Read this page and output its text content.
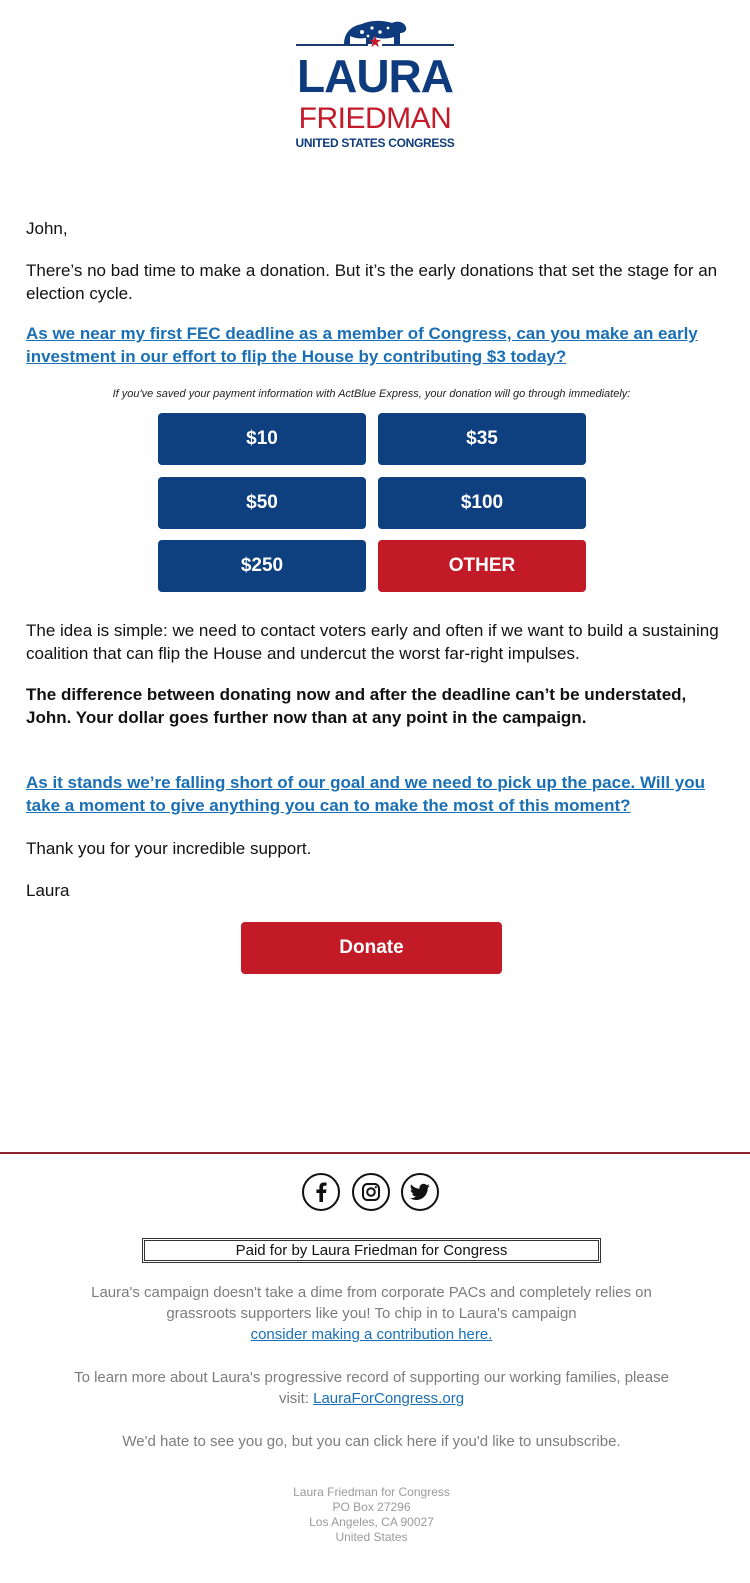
★
LAURA
FRIEDMAN
UNITED STATES CONGRESS

John,

There’s no bad time to make a donation. But it’s the early donations that set the stage for an election cycle.

As we near my first FEC deadline as a member of Congress, can you make an early investment in our effort to flip the House by contributing $3 today?
If you've saved your payment information with ActBlue Express, your donation will go through immediately:
$10	$35
$50	$100
$250	OTHER

The idea is simple: we need to contact voters early and often if we want to build a sustaining coalition that can flip the House and undercut the worst far-right impulses.

The difference between donating now and after the deadline can’t be understated, John. Your dollar goes further now than at any point in the campaign.

As it stands we’re falling short of our goal and we need to pick up the pace. Will you take a moment to give anything you can to make the most of this moment?

Thank you for your incredible support.

Laura

Donate
Paid for by Laura Friedman for Congress

Laura's campaign doesn't take a dime from corporate PACs and completely relies on grassroots supporters like you! To chip in to Laura's campaign
consider making a contribution here.

To learn more about Laura's progressive record of supporting our working families, please visit: LauraForCongress.org

We'd hate to see you go, but you can click here if you'd like to unsubscribe.

Laura Friedman for Congress
PO Box 27296
Los Angeles, CA 90027
United States
